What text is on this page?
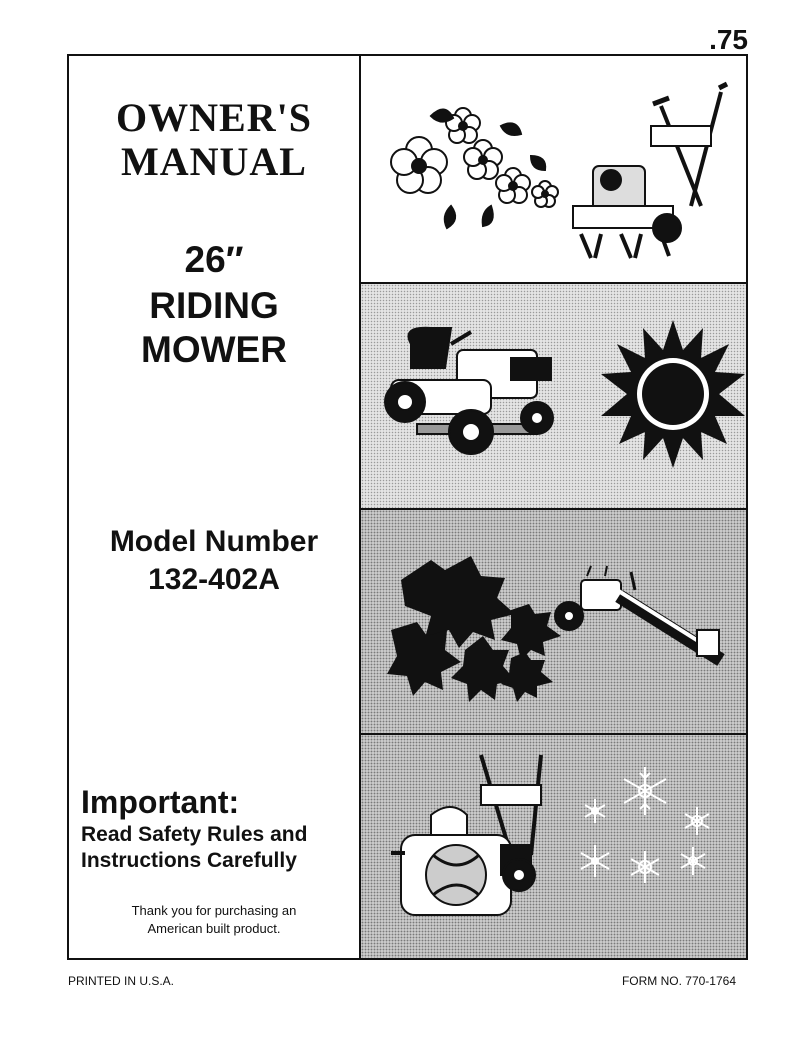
.75
OWNER'S
MANUAL
26″
RIDING
MOWER
Model Number
132-402A
Important:
Read Safety Rules and
Instructions Carefully
Thank you for purchasing an
American built product.
PRINTED IN U.S.A.	FORM NO. 770-1764
